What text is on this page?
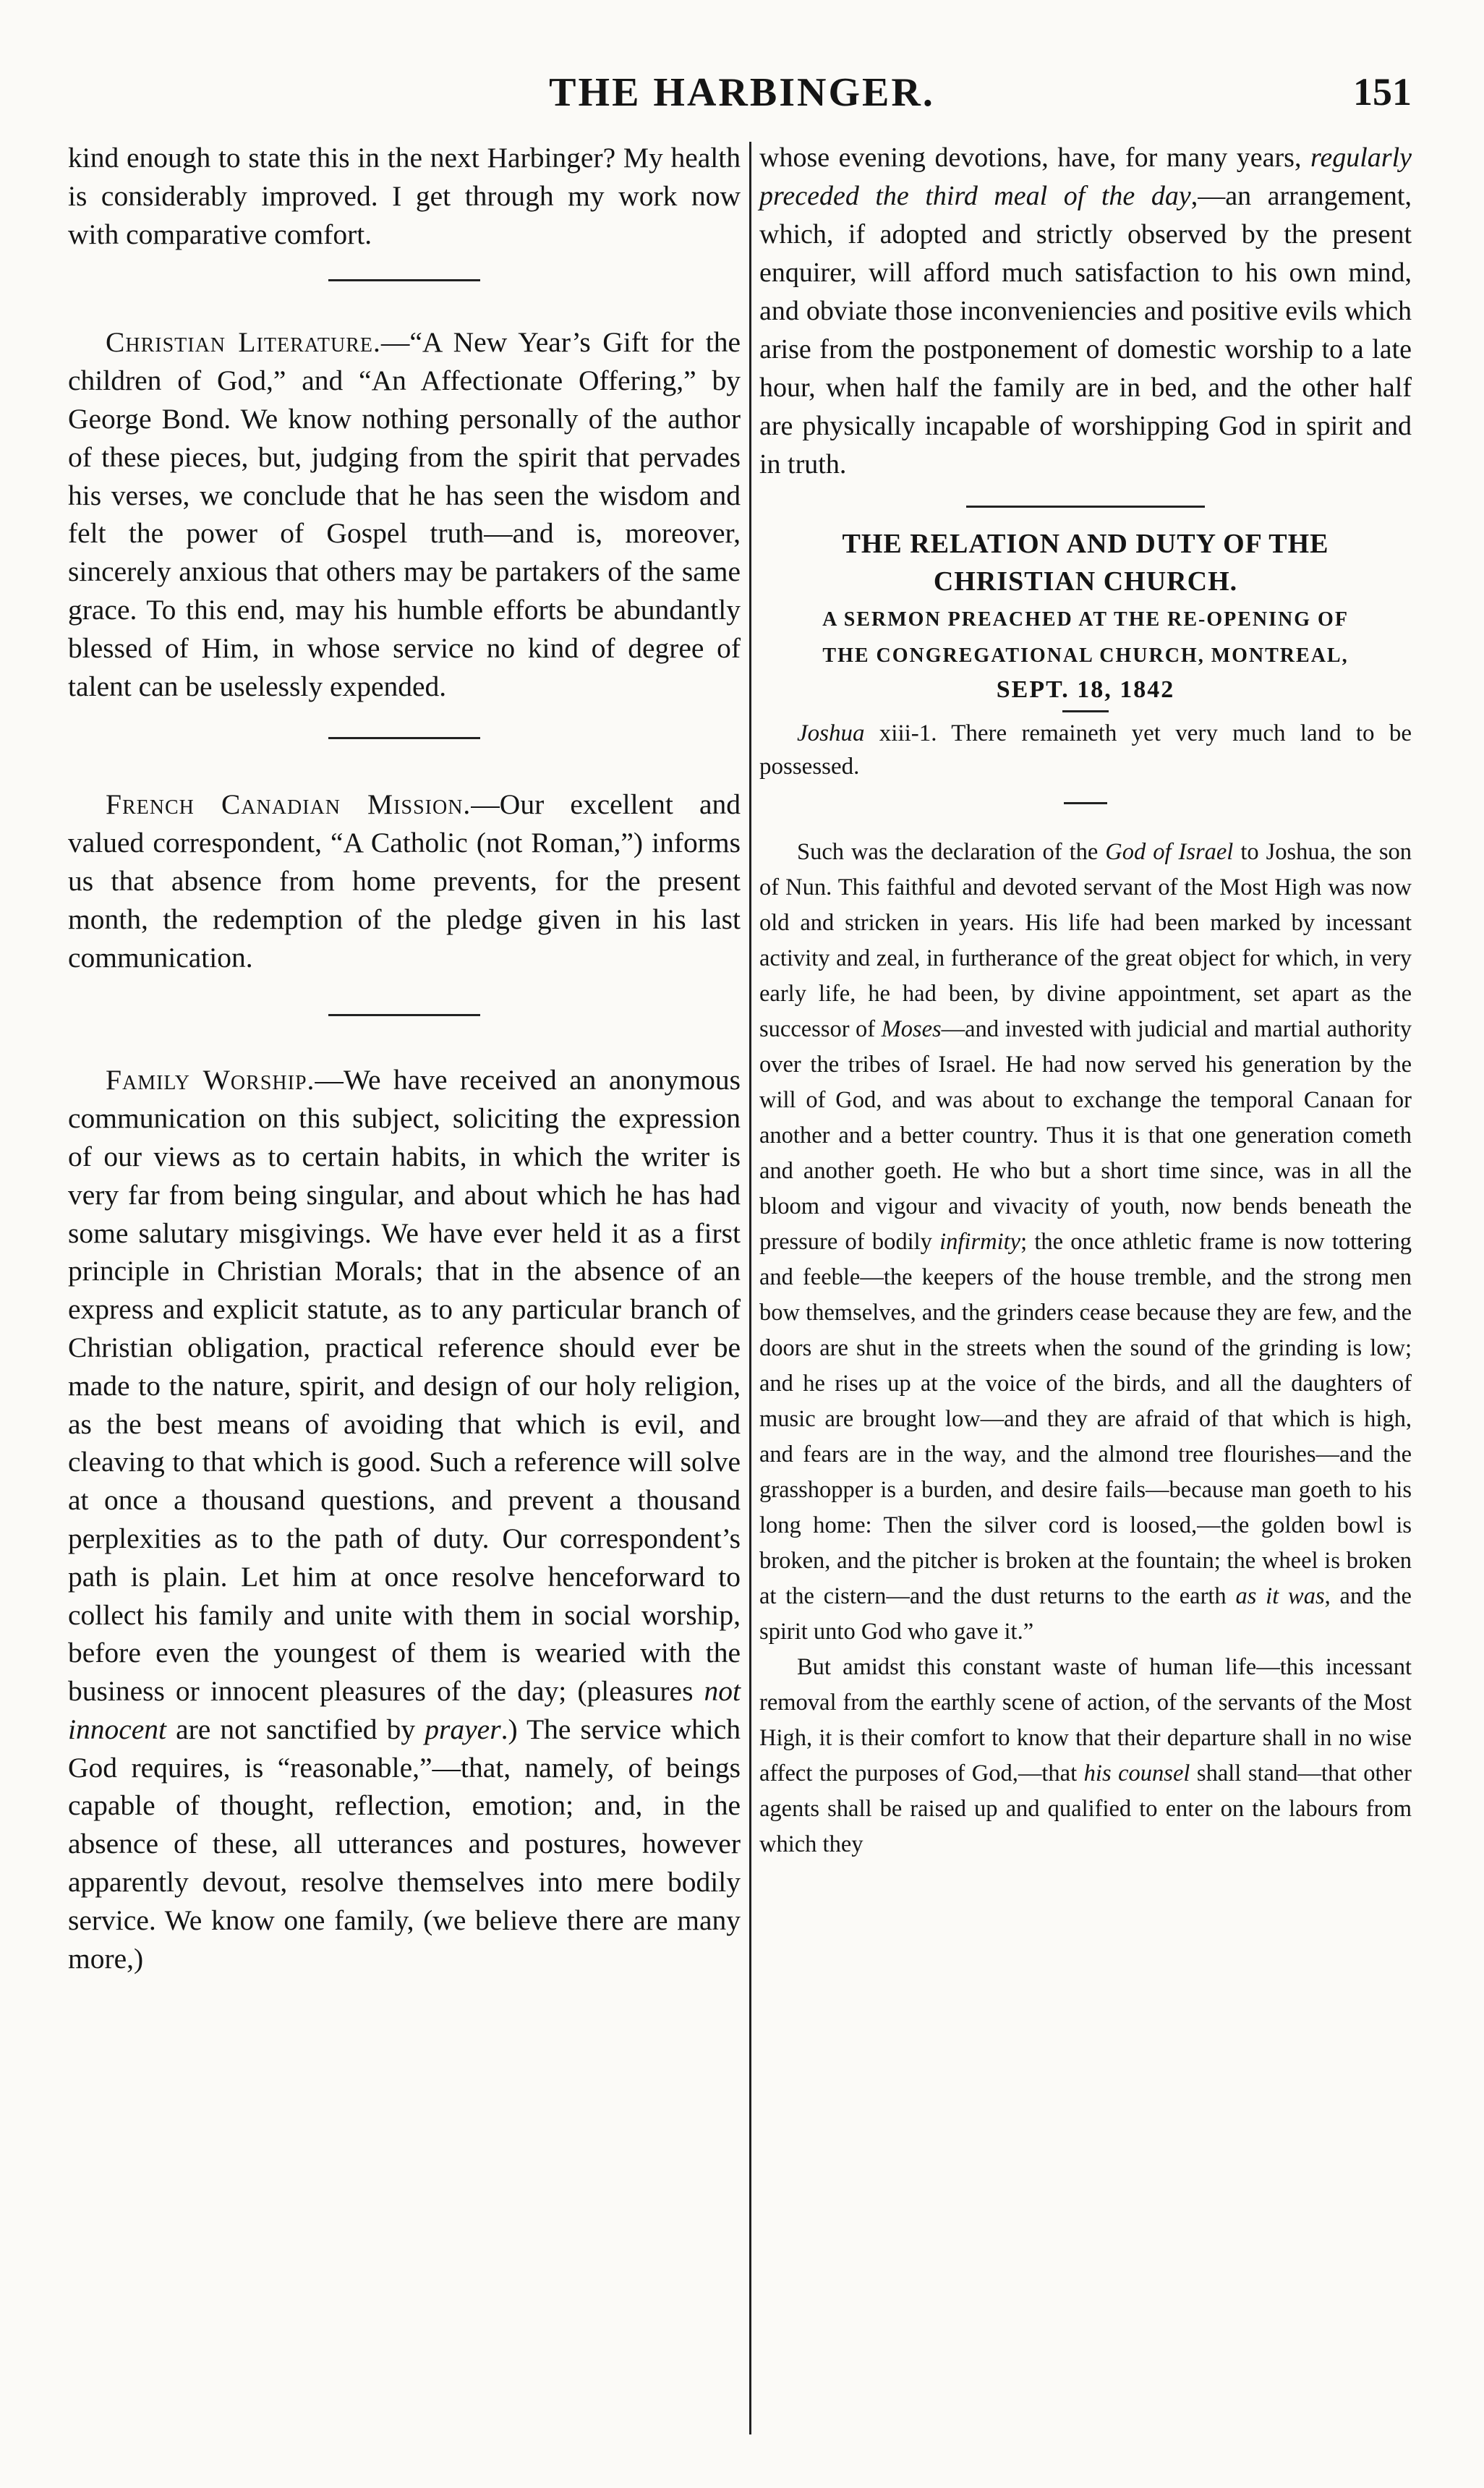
THE HARBINGER.	151

kind enough to state this in the next Harbinger? My health is considerably improved. I get through my work now with comparative comfort.

Christian Literature.—“A New Year’s Gift for the children of God,” and “An Affectionate Offering,” by George Bond. We know nothing personally of the author of these pieces, but, judging from the spirit that pervades his verses, we conclude that he has seen the wisdom and felt the power of Gospel truth—and is, moreover, sincerely anxious that others may be partakers of the same grace. To this end, may his humble efforts be abundantly blessed of Him, in whose service no kind of degree of talent can be uselessly expended.

French Canadian Mission.—Our excellent and valued correspondent, “A Catholic (not Roman,”) informs us that absence from home prevents, for the present month, the redemption of the pledge given in his last communication.

Family Worship.—We have received an anonymous communication on this subject, soliciting the expression of our views as to certain habits, in which the writer is very far from being singular, and about which he has had some salutary misgivings. We have ever held it as a first principle in Christian Morals; that in the absence of an express and explicit statute, as to any particular branch of Christian obligation, practical reference should ever be made to the nature, spirit, and design of our holy religion, as the best means of avoiding that which is evil, and cleaving to that which is good. Such a reference will solve at once a thousand questions, and prevent a thousand perplexities as to the path of duty. Our correspondent’s path is plain. Let him at once resolve henceforward to collect his family and unite with them in social worship, before even the youngest of them is wearied with the business or innocent pleasures of the day; (pleasures not innocent are not sanctified by prayer.) The service which God requires, is “reasonable,”—that, namely, of beings capable of thought, reflection, emotion; and, in the absence of these, all utterances and postures, however apparently devout, resolve themselves into mere bodily service. We know one family, (we believe there are many more,)

whose evening devotions, have, for many years, regularly preceded the third meal of the day,—an arrangement, which, if adopted and strictly observed by the present enquirer, will afford much satisfaction to his own mind, and obviate those inconveniencies and positive evils which arise from the postponement of domestic worship to a late hour, when half the family are in bed, and the other half are physically incapable of worshipping God in spirit and in truth.

THE RELATION AND DUTY OF THE CHRISTIAN CHURCH.

A SERMON PREACHED AT THE RE-OPENING OF

THE CONGREGATIONAL CHURCH, MONTREAL,

SEPT. 18, 1842

Joshua xiii-1. There remaineth yet very much land to be possessed.

Such was the declaration of the God of Israel to Joshua, the son of Nun. This faithful and devoted servant of the Most High was now old and stricken in years. His life had been marked by incessant activity and zeal, in furtherance of the great object for which, in very early life, he had been, by divine appointment, set apart as the successor of Moses—and invested with judicial and martial authority over the tribes of Israel. He had now served his generation by the will of God, and was about to exchange the temporal Canaan for another and a better country. Thus it is that one generation cometh and another goeth. He who but a short time since, was in all the bloom and vigour and vivacity of youth, now bends beneath the pressure of bodily infirmity; the once athletic frame is now tottering and feeble—the keepers of the house tremble, and the strong men bow themselves, and the grinders cease because they are few, and the doors are shut in the streets when the sound of the grinding is low; and he rises up at the voice of the birds, and all the daughters of music are brought low—and they are afraid of that which is high, and fears are in the way, and the almond tree flourishes—and the grasshopper is a burden, and desire fails—because man goeth to his long home: Then the silver cord is loosed,—the golden bowl is broken, and the pitcher is broken at the fountain; the wheel is broken at the cistern—and the dust returns to the earth as it was, and the spirit unto God who gave it.”

But amidst this constant waste of human life—this incessant removal from the earthly scene of action, of the servants of the Most High, it is their comfort to know that their departure shall in no wise affect the purposes of God,—that his counsel shall stand—that other agents shall be raised up and qualified to enter on the labours from which they
